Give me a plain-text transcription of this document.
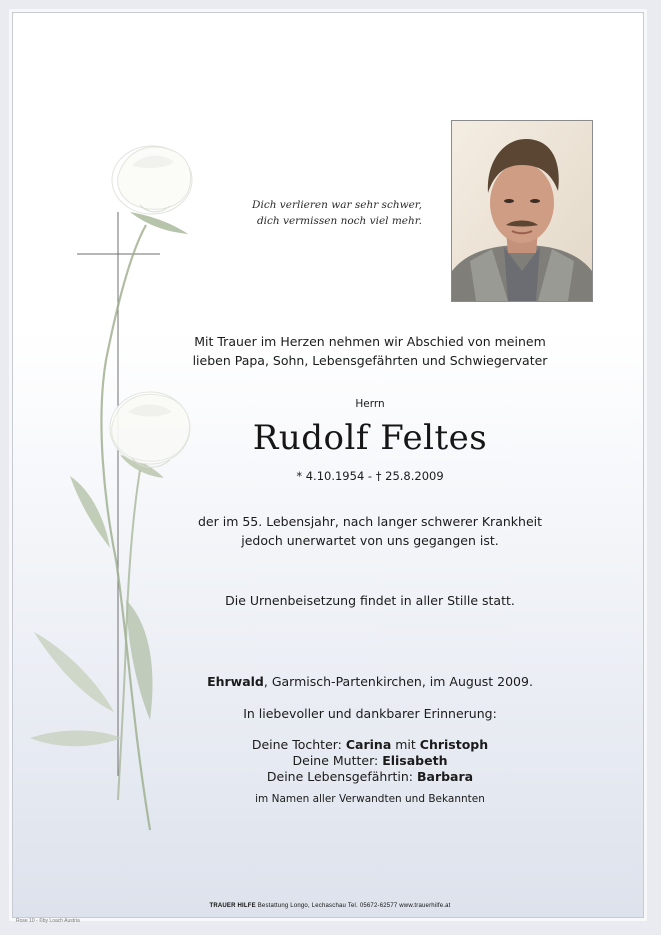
Dich verlieren war sehr schwer,
dich vermissen noch viel mehr.
Mit Trauer im Herzen nehmen wir Abschied von meinem
lieben Papa, Sohn, Lebensgefährten und Schwiegervater
Herrn
Rudolf Feltes
* 4.10.1954 - † 25.8.2009
der im 55. Lebensjahr, nach langer schwerer Krankheit
jedoch unerwartet von uns gegangen ist.
Die Urnenbeisetzung findet in aller Stille statt.
Ehrwald, Garmisch-Partenkirchen, im August 2009.
In liebevoller und dankbarer Erinnerung:
Deine Tochter: Carina mit Christoph
Deine Mutter: Elisabeth
Deine Lebensgefährtin: Barbara
im Namen aller Verwandten und Bekannten
TRAUER HILFE Bestattung Longo, Lechaschau Tel. 05672-62577 www.trauerhilfe.at
Rose 10 - ©by Loach Austria
